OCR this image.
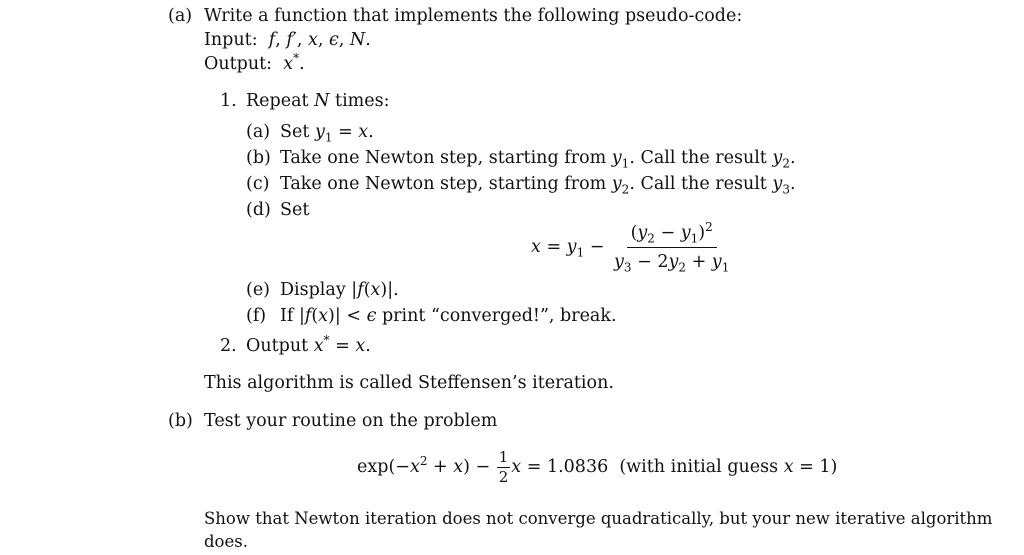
(a) Write a function that implements the following pseudo-code:
Input:  f, f′, x, ϵ, N.
Output:  x*.
1. Repeat N times:
(a) Set $y_1 = x$.
(b) Take one Newton step, starting from $y_1$. Call the result $y_2$.
(c) Take one Newton step, starting from $y_2$. Call the result $y_3$.
(d) Set
$x = y_1 - \frac{(y_2 - y_1)^2}{y_3 - 2y_2 + y_1}$
(e) Display |f(x)|.
(f) If |f(x)| < ϵ print “converged!”, break.
2. Output x* = x.
This algorithm is called Steffensen’s iteration.
(b) Test your routine on the problem
$\exp(-x^2 + x) - \frac{1}{2}$ x = 1.0836 (with initial guess x = 1)
Show that Newton iteration does not converge quadratically, but your new iterative algorithm
does.
